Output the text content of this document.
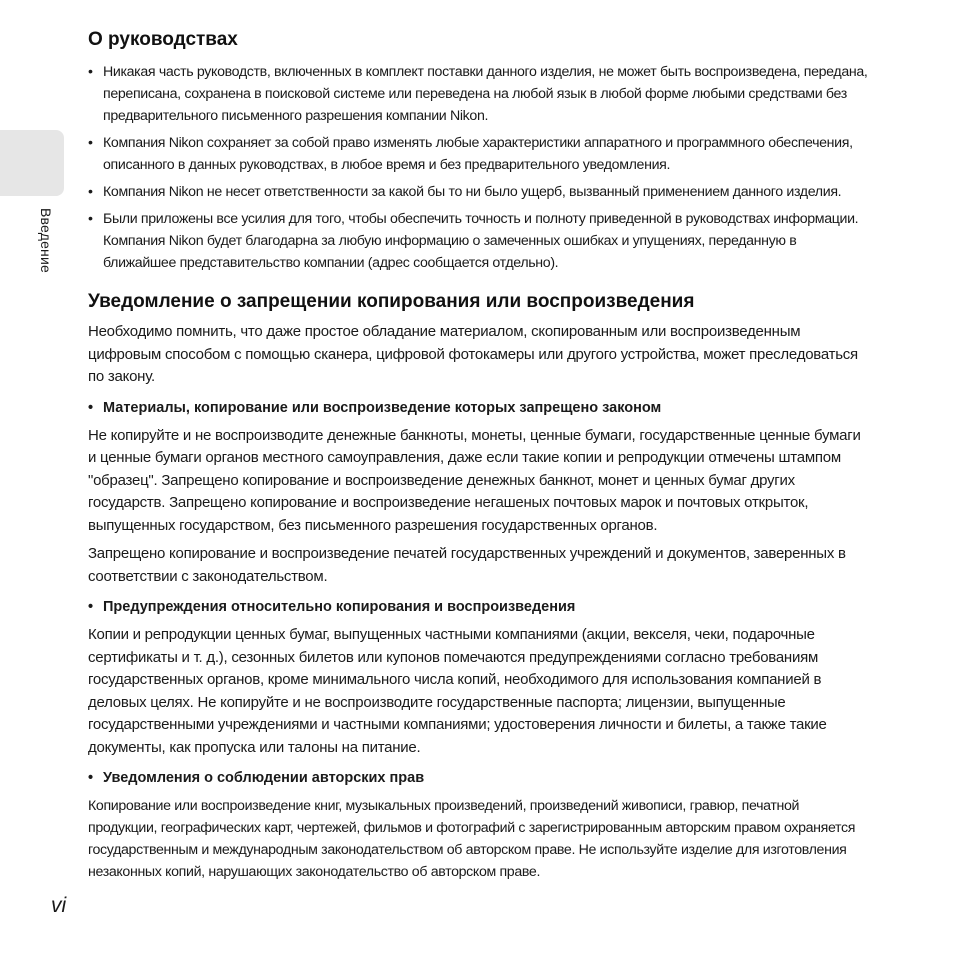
Введение
О руководствах
• Никакая часть руководств, включенных в комплект поставки данного изделия, не может быть воспроизведена, передана, переписана, сохранена в поисковой системе или переведена на любой язык в любой форме любыми средствами без предварительного письменного разрешения компании Nikon.
• Компания Nikon сохраняет за собой право изменять любые характеристики аппаратного и программного обеспечения, описанного в данных руководствах, в любое время и без предварительного уведомления.
• Компания Nikon не несет ответственности за какой бы то ни было ущерб, вызванный применением данного изделия.
• Были приложены все усилия для того, чтобы обеспечить точность и полноту приведенной в руководствах информации. Компания Nikon будет благодарна за любую информацию о замеченных ошибках и упущениях, переданную в ближайшее представительство компании (адрес сообщается отдельно).
Уведомление о запрещении копирования или воспроизведения

Необходимо помнить, что даже простое обладание материалом, скопированным или воспроизведенным цифровым способом с помощью сканера, цифровой фотокамеры или другого устройства, может преследоваться по закону.

• Материалы, копирование или воспроизведение которых запрещено законом

Не копируйте и не воспроизводите денежные банкноты, монеты, ценные бумаги, государственные ценные бумаги и ценные бумаги органов местного самоуправления, даже если такие копии и репродукции отмечены штампом "образец". Запрещено копирование и воспроизведение денежных банкнот, монет и ценных бумаг других государств. Запрещено копирование и воспроизведение негашеных почтовых марок и почтовых открыток, выпущенных государством, без письменного разрешения государственных органов.

Запрещено копирование и воспроизведение печатей государственных учреждений и документов, заверенных в соответствии с законодательством.

• Предупреждения относительно копирования и воспроизведения

Копии и репродукции ценных бумаг, выпущенных частными компаниями (акции, векселя, чеки, подарочные сертификаты и т. д.), сезонных билетов или купонов помечаются предупреждениями согласно требованиям государственных органов, кроме минимального числа копий, необходимого для использования компанией в деловых целях. Не копируйте и не воспроизводите государственные паспорта; лицензии, выпущенные государственными учреждениями и частными компаниями; удостоверения личности и билеты, а также такие документы, как пропуска или талоны на питание.

• Уведомления о соблюдении авторских прав

Копирование или воспроизведение книг, музыкальных произведений, произведений живописи, гравюр, печатной продукции, географических карт, чертежей, фильмов и фотографий с зарегистрированным авторским правом охраняется государственным и международным законодательством об авторском праве. Не используйте изделие для изготовления незаконных копий, нарушающих законодательство об авторском праве.

vi
